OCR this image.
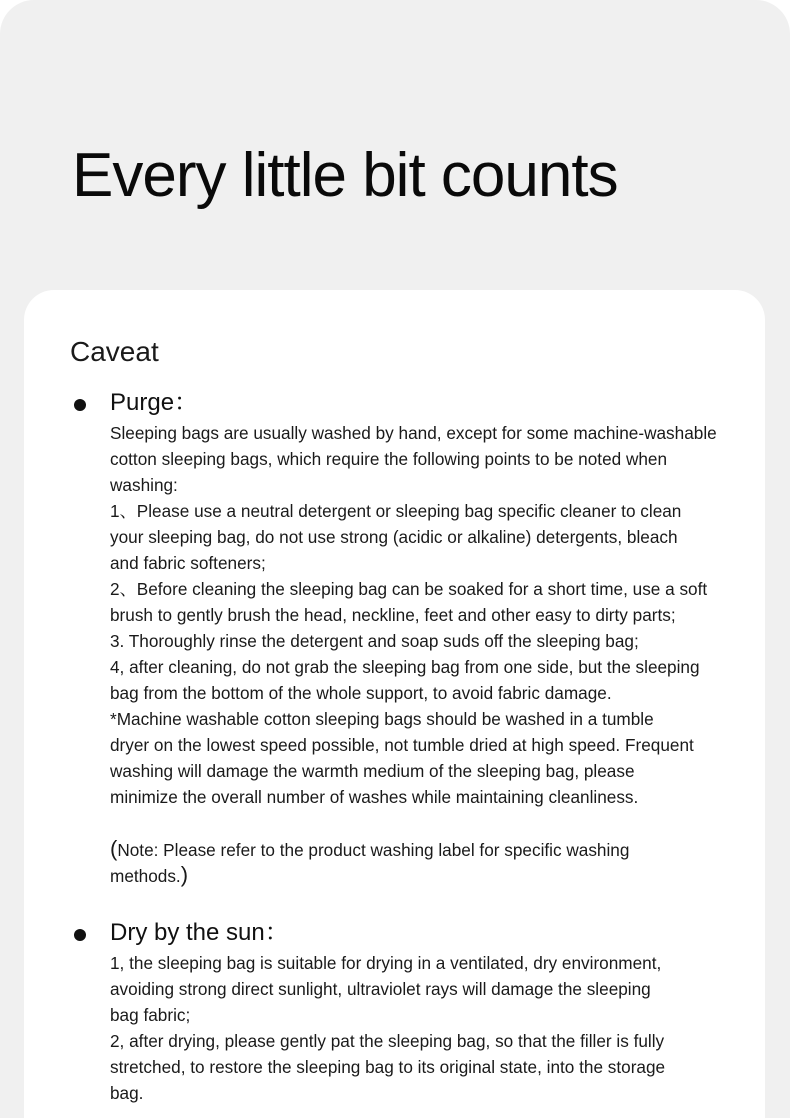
Every little bit counts
Caveat
Purge：
Sleeping bags are usually washed by hand, except for some machine-washable
cotton sleeping bags, which require the following points to be noted when
washing:
1、Please use a neutral detergent or sleeping bag specific cleaner to clean
your sleeping bag, do not use strong (acidic or alkaline) detergents, bleach
and fabric softeners;
2、Before cleaning the sleeping bag can be soaked for a short time, use a soft
brush to gently brush the head, neckline, feet and other easy to dirty parts;
3. Thoroughly rinse the detergent and soap suds off the sleeping bag;
4, after cleaning, do not grab the sleeping bag from one side, but the sleeping
bag from the bottom of the whole support, to avoid fabric damage.
*Machine washable cotton sleeping bags should be washed in a tumble
dryer on the lowest speed possible, not tumble dried at high speed. Frequent
washing will damage the warmth medium of the sleeping bag, please
minimize the overall number of washes while maintaining cleanliness.
(Note: Please refer to the product washing label for specific washing
methods.)
Dry by the sun：
1, the sleeping bag is suitable for drying in a ventilated, dry environment,
avoiding strong direct sunlight, ultraviolet rays will damage the sleeping
bag fabric;
2, after drying, please gently pat the sleeping bag, so that the filler is fully
stretched, to restore the sleeping bag to its original state, into the storage
bag.
